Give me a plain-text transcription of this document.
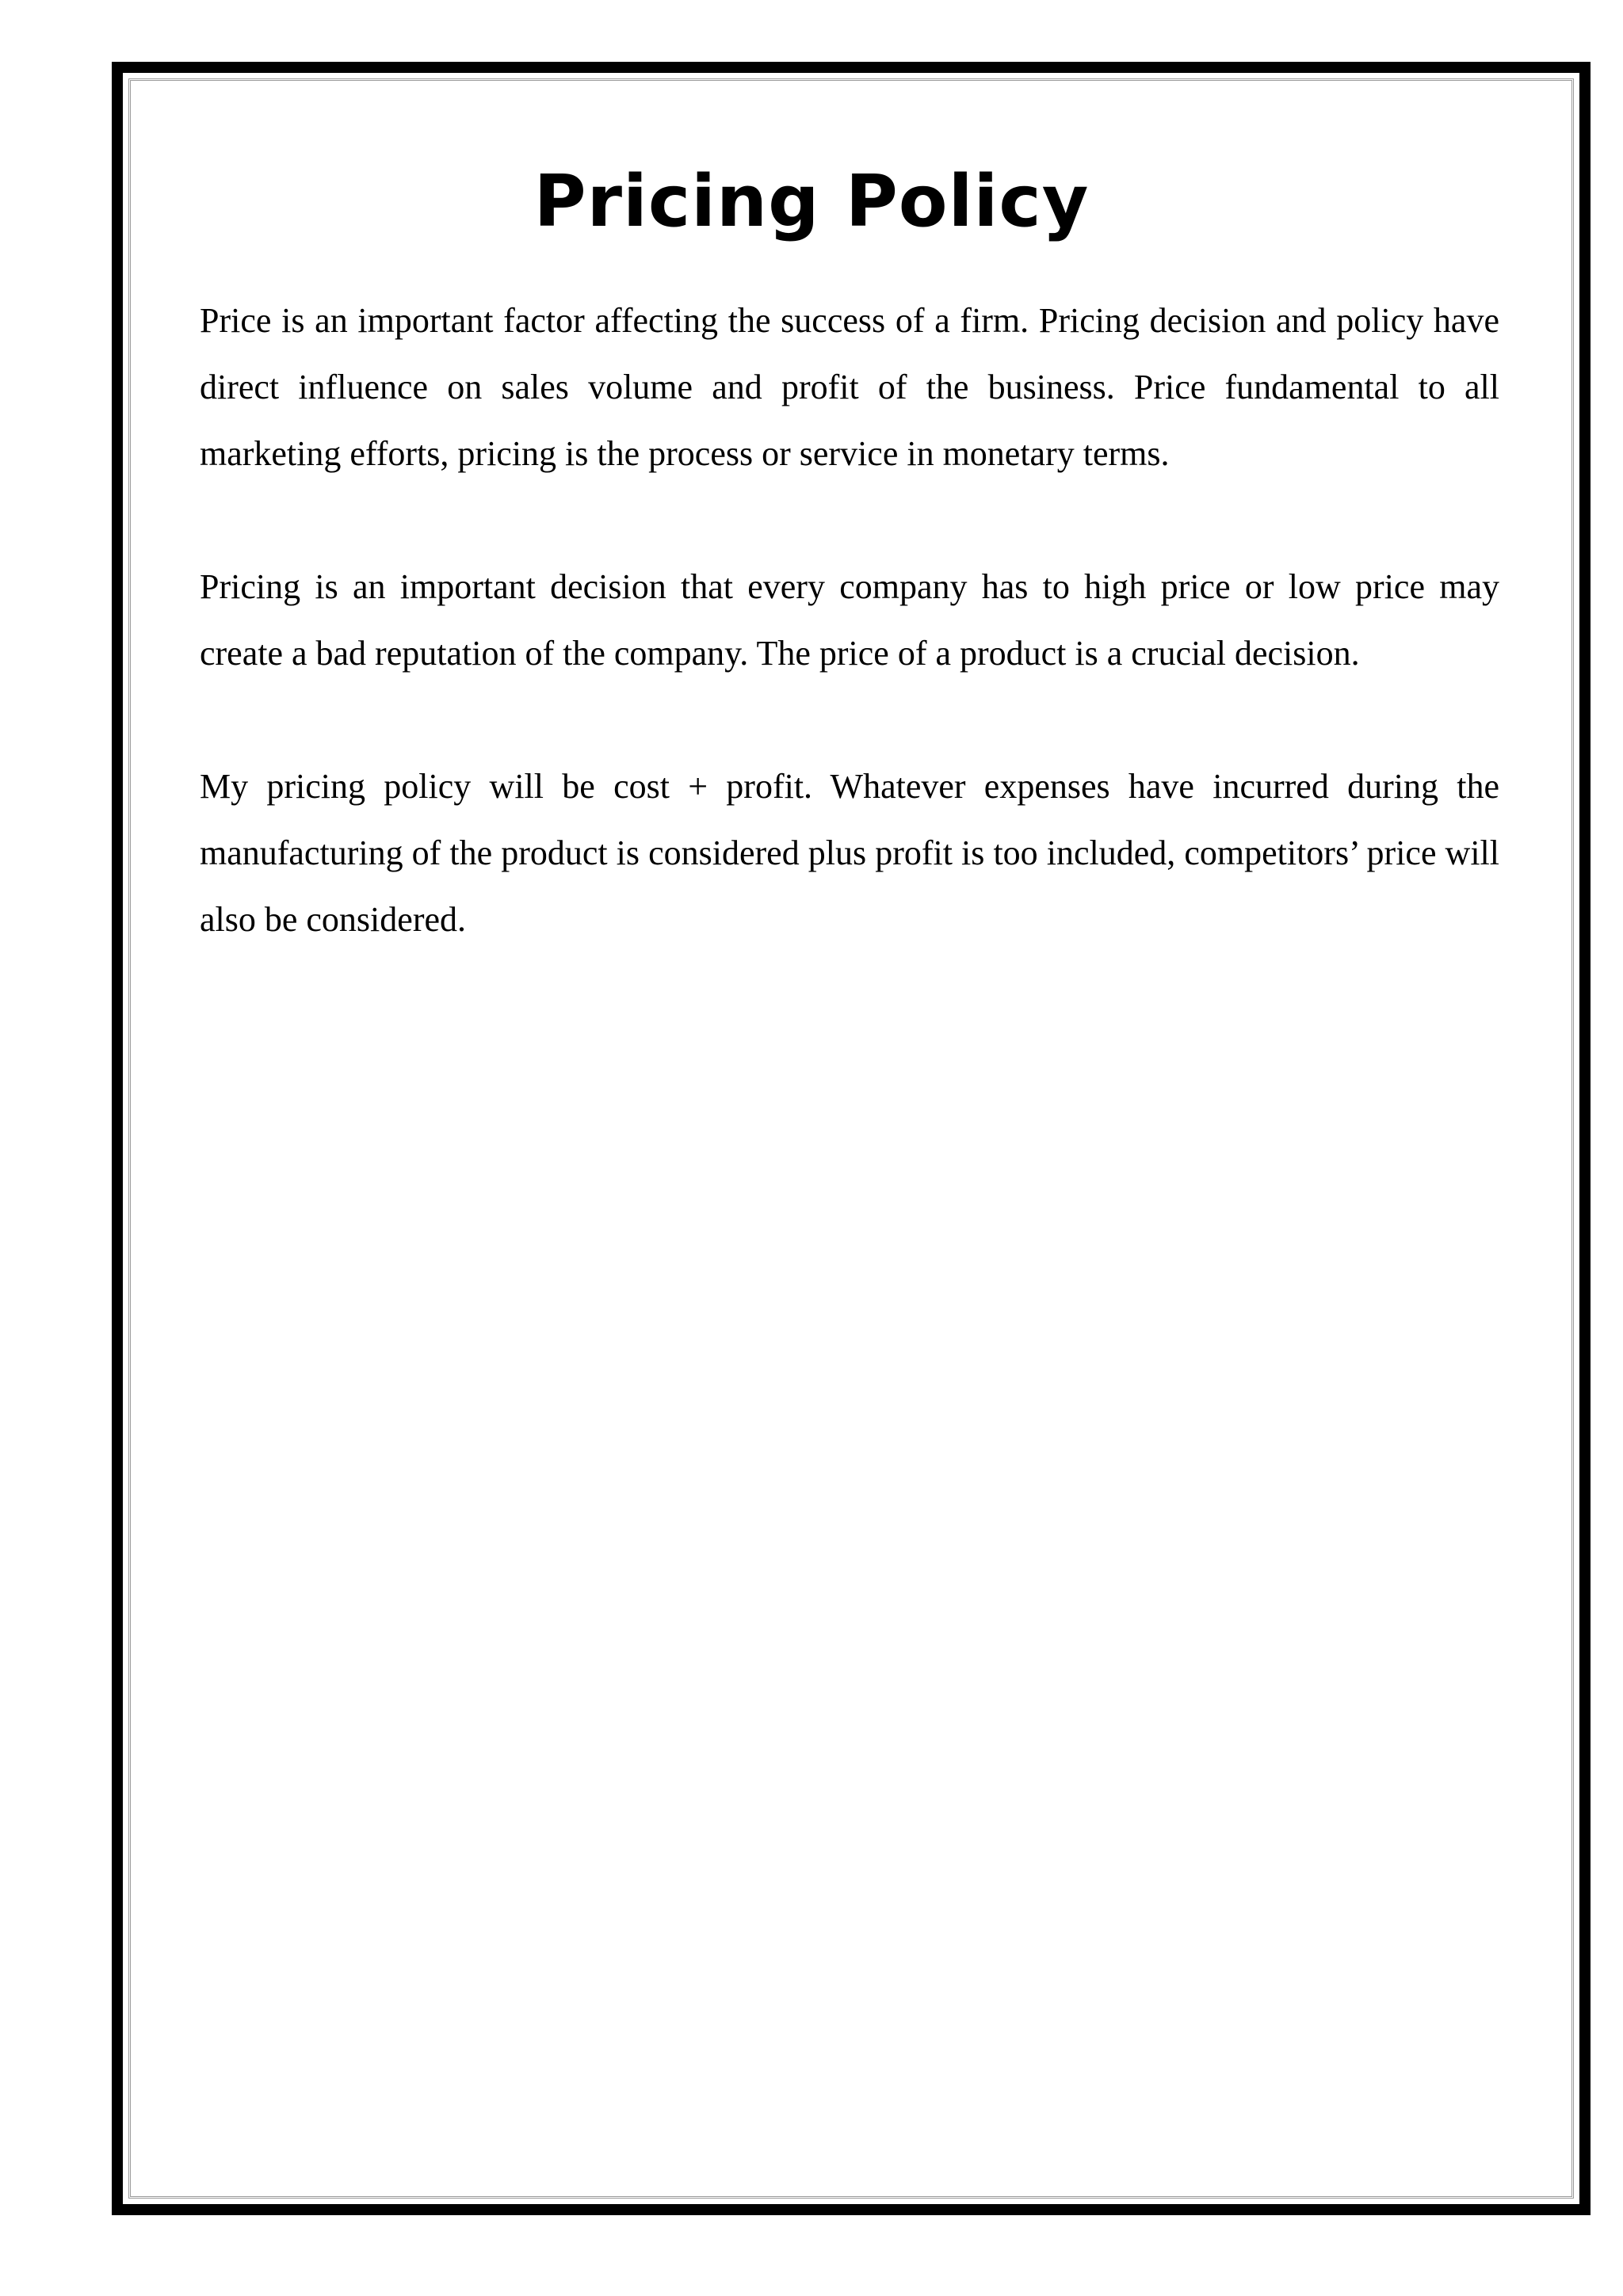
Pricing Policy

Price is an important factor affecting the success of a firm. Pricing decision and policy have direct influence on sales volume and profit of the business. Price fundamental to all marketing efforts, pricing is the process or service in monetary terms.

Pricing is an important decision that every company has to high price or low price may create a bad reputation of the company. The price of a product is a crucial decision.

My pricing policy will be cost + profit. Whatever expenses have incurred during the manufacturing of the product is considered plus profit is too included, competitors’ price will also be considered.
